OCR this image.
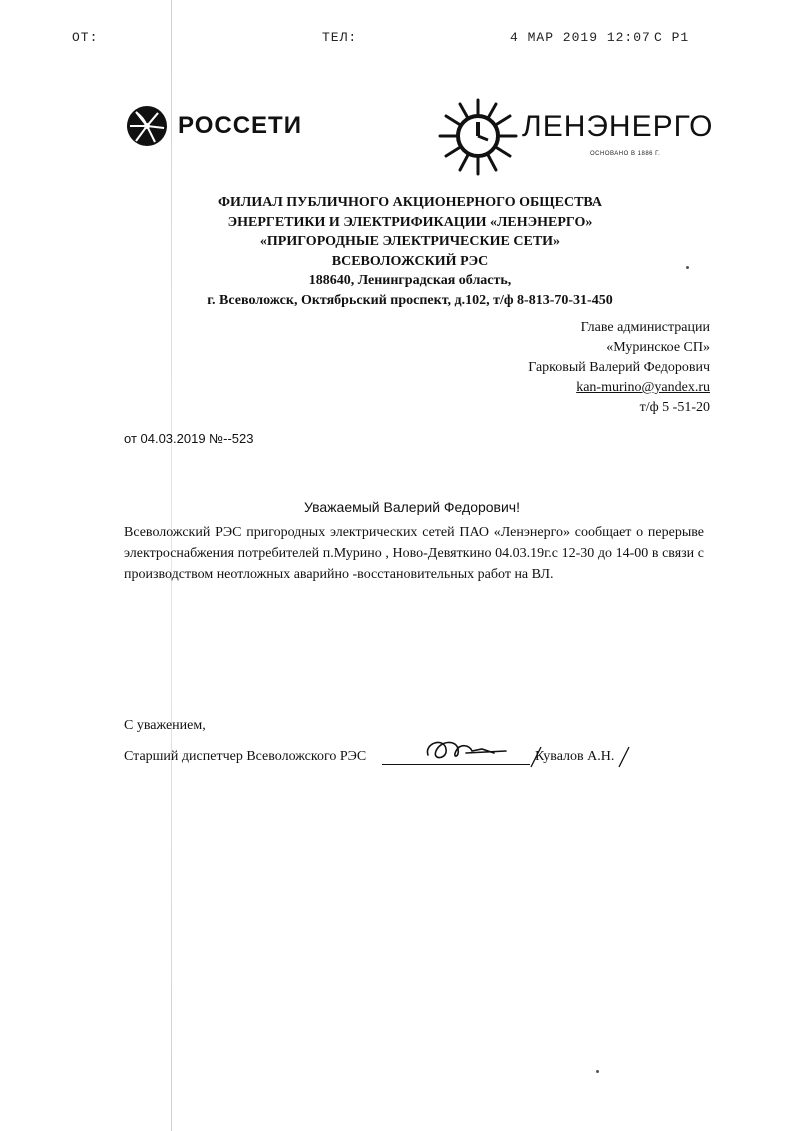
ОТ:	ТЕЛ:	4 МАР 2019 12:07 С Р1
РОССЕТИ	ЛЕНЭНЕРГО
ОСНОВАНО В 1886 Г.
ФИЛИАЛ ПУБЛИЧНОГО АКЦИОНЕРНОГО ОБЩЕСТВА
ЭНЕРГЕТИКИ И ЭЛЕКТРИФИКАЦИИ «ЛЕНЭНЕРГО»
«ПРИГОРОДНЫЕ ЭЛЕКТРИЧЕСКИЕ СЕТИ»
ВСЕВОЛОЖСКИЙ РЭС
188640, Ленинградская область,
г. Всеволожск, Октябрьский проспект, д.102, т/ф 8-813-70-31-450
Главе администрации
«Муринское СП»
Гарковый Валерий Федорович
kan-murino@yandex.ru
т/ф 5 -51-20
от 04.03.2019 №--523
Уважаемый Валерий Федорович!
Всеволожский РЭС пригородных электрических сетей ПАО «Ленэнерго» сообщает о перерыве электроснабжения потребителей п.Мурино , Ново-Девяткино 04.03.19г.с 12-30 до 14-00 в связи с производством неотложных аварийно -восстановительных работ на ВЛ.
С уважением,
Старший диспетчер Всеволожского РЭС	Кувалов А.Н.
